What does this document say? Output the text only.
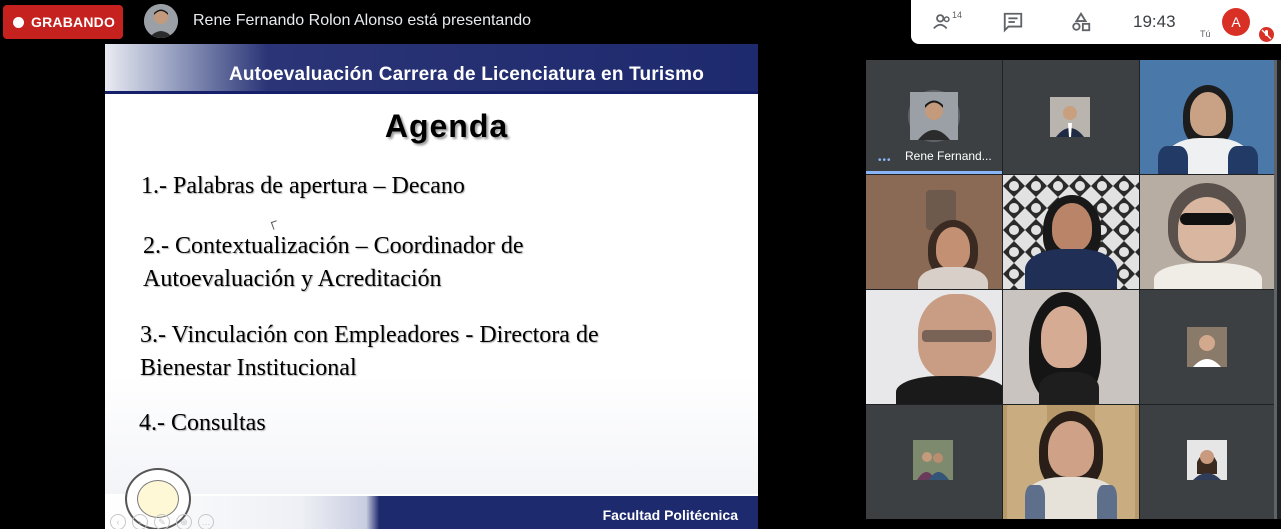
GRABANDO	Rene Fernando Rolon Alonso está presentando	14	19:43	A
Tú
Autoevaluación Carrera de Licenciatura en Turismo
Agenda
1.- Palabras de apertura – Decano
2.- Contextualización – Coordinador de
Autoevaluación y Acreditación
3.- Vinculación con Empleadores - Directora de
Bienestar Institucional
4.- Consultas
Facultad Politécnica
‹	›	✎	⊕	…
••• Rene Fernand...
